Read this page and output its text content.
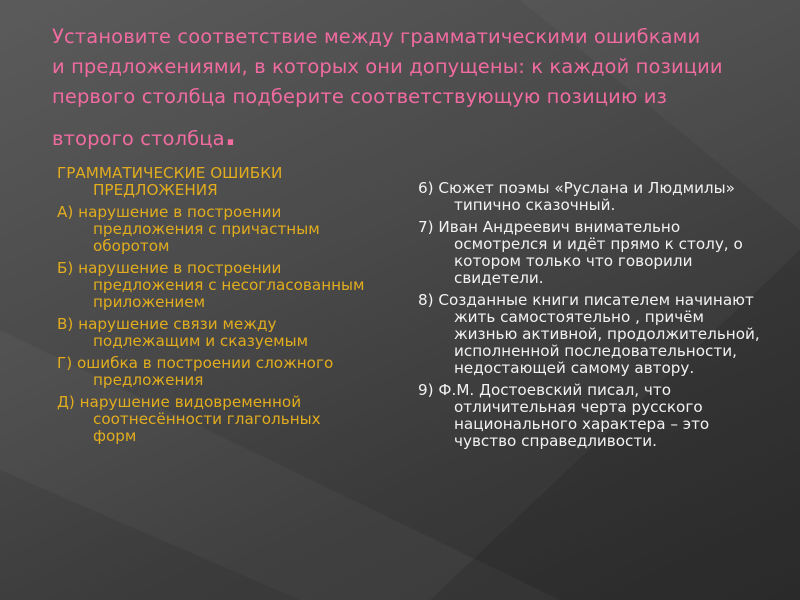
Установите соответствие между грамматическими ошибками
и предложениями, в которых они допущены: к каждой позиции
первого столбца подберите соответствующую позицию из
второго столбца.
ГРАММАТИЧЕСКИЕ ОШИБКИ
ПРЕДЛОЖЕНИЯ
А) нарушение в построении предложения с причастным оборотом
Б) нарушение в построении предложения с несогласованным приложением
В) нарушение связи между подлежащим и сказуемым
Г) ошибка в построении сложного предложения
Д) нарушение видовременной соотнесённости глагольных форм
6) Сюжет поэмы «Руслана и Людмилы» типично сказочный.
7) Иван Андреевич внимательно осмотрелся и идёт прямо к столу, о котором только что говорили свидетели.
8) Созданные книги писателем начинают жить самостоятельно , причём жизнью активной, продолжительной, исполненной последовательности, недостающей самому автору.
9) Ф.М. Достоевский писал, что отличительная черта русского национального характера – это чувство справедливости.
